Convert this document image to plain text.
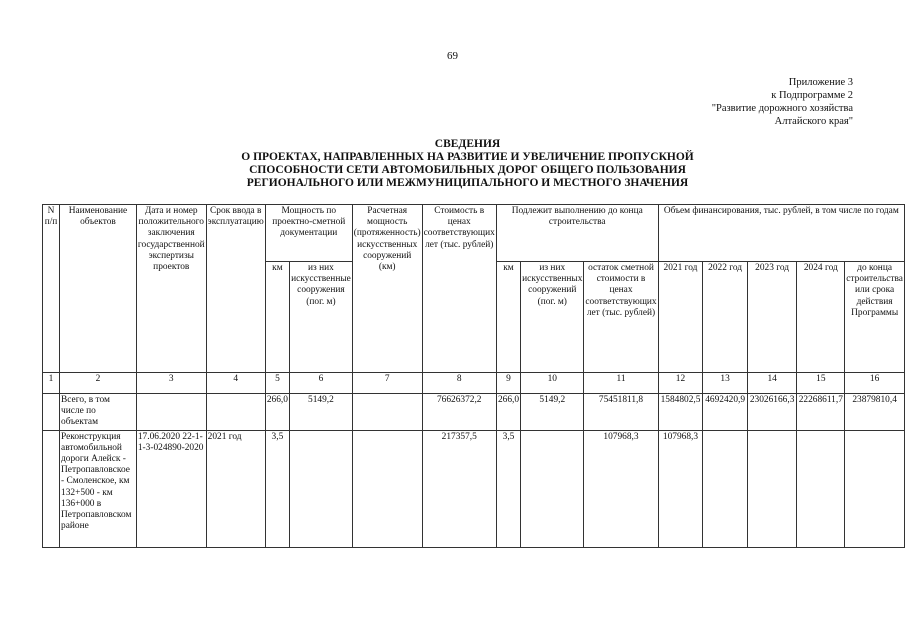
69
Приложение 3
к Подпрограмме 2
"Развитие дорожного хозяйства
Алтайского края"
СВЕДЕНИЯ
О ПРОЕКТАХ, НАПРАВЛЕННЫХ НА РАЗВИТИЕ И УВЕЛИЧЕНИЕ ПРОПУСКНОЙ
СПОСОБНОСТИ СЕТИ АВТОМОБИЛЬНЫХ ДОРОГ ОБЩЕГО ПОЛЬЗОВАНИЯ
РЕГИОНАЛЬНОГО ИЛИ МЕЖМУНИЦИПАЛЬНОГО И МЕСТНОГО ЗНАЧЕНИЯ
N п/п	Наименование объектов	Дата и номер положительного заключения государственной экспертизы проектов	Срок ввода в эксплуатацию	Мощность по проектно-сметной документации		Расчетная мощность (протяженность) искусственных сооружений (км)	Стоимость в ценах соответствующих лет (тыс. рублей)	Подлежит выполнению до конца строительства			Объем финансирования, тыс. рублей, в том числе по годам				
				км	из них искусственные сооружения (пог. м)			км	из них искусственных сооружений (пог. м)	остаток сметной стоимости в ценах соответствующих лет (тыс. рублей)	2021 год	2022 год	2023 год	2024 год	до конца строительства или срока действия Программы
1	2	3	4	5	6	7	8	9	10	11	12	13	14	15	16
	Всего, в том числе по объектам			266,0	5149,2		76626372,2	266,0	5149,2	75451811,8	1584802,5	4692420,9	23026166,3	22268611,7	23879810,4
	Реконструкция автомобильной дороги Алейск - Петропавловское - Смоленское, км 132+500 - км 136+000 в Петропавловском районе	17.06.2020 22-1-1-3-024890-2020	2021 год	3,5			217357,5	3,5		107968,3	107968,3				
